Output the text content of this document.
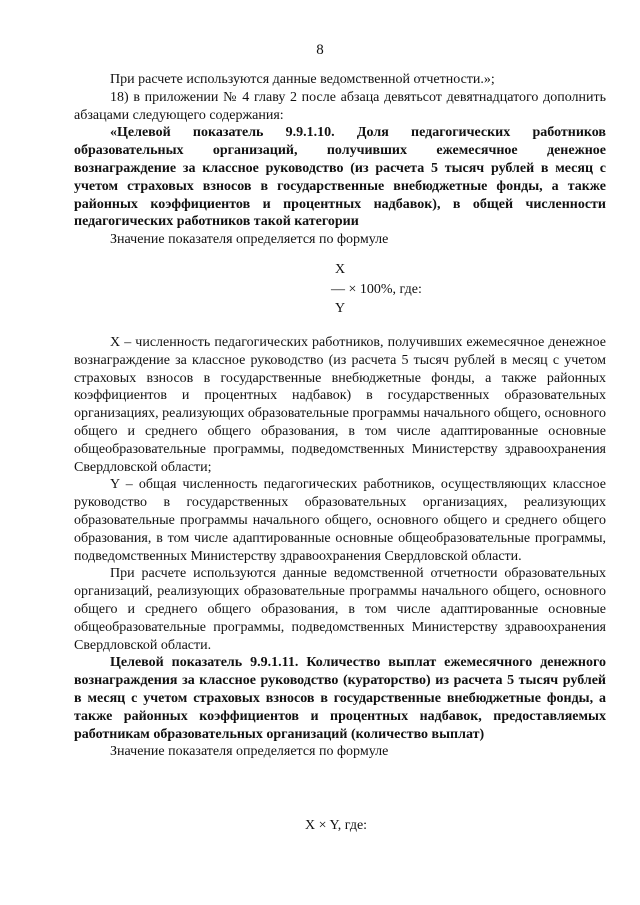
8

При расчете используются данные ведомственной отчетности.»;

18) в приложении № 4 главу 2 после абзаца девятьсот девятнадцатого дополнить абзацами следующего содержания:

«Целевой показатель 9.9.1.10. Доля педагогических работников образовательных организаций, получивших ежемесячное денежное вознаграждение за классное руководство (из расчета 5 тысяч рублей в месяц с учетом страховых взносов в государственные внебюджетные фонды, а также районных коэффициентов и процентных надбавок), в общей численности педагогических работников такой категории

Значение показателя определяется по формуле

X
— × 100%, где:
Y

X – численность педагогических работников, получивших ежемесячное денежное вознаграждение за классное руководство (из расчета 5 тысяч рублей в месяц с учетом страховых взносов в государственные внебюджетные фонды, а также районных коэффициентов и процентных надбавок) в государственных образовательных организациях, реализующих образовательные программы начального общего, основного общего и среднего общего образования, в том числе адаптированные основные общеобразовательные программы, подведомственных Министерству здравоохранения Свердловской области;

Y – общая численность педагогических работников, осуществляющих классное руководство в государственных образовательных организациях, реализующих образовательные программы начального общего, основного общего и среднего общего образования, в том числе адаптированные основные общеобразовательные программы, подведомственных Министерству здравоохранения Свердловской области.

При расчете используются данные ведомственной отчетности образовательных организаций, реализующих образовательные программы начального общего, основного общего и среднего общего образования, в том числе адаптированные основные общеобразовательные программы, подведомственных Министерству здравоохранения Свердловской области.

Целевой показатель 9.9.1.11. Количество выплат ежемесячного денежного вознаграждения за классное руководство (кураторство) из расчета 5 тысяч рублей в месяц с учетом страховых взносов в государственные внебюджетные фонды, а также районных коэффициентов и процентных надбавок, предоставляемых работникам образовательных организаций (количество выплат)

Значение показателя определяется по формуле

X × Y, где:
